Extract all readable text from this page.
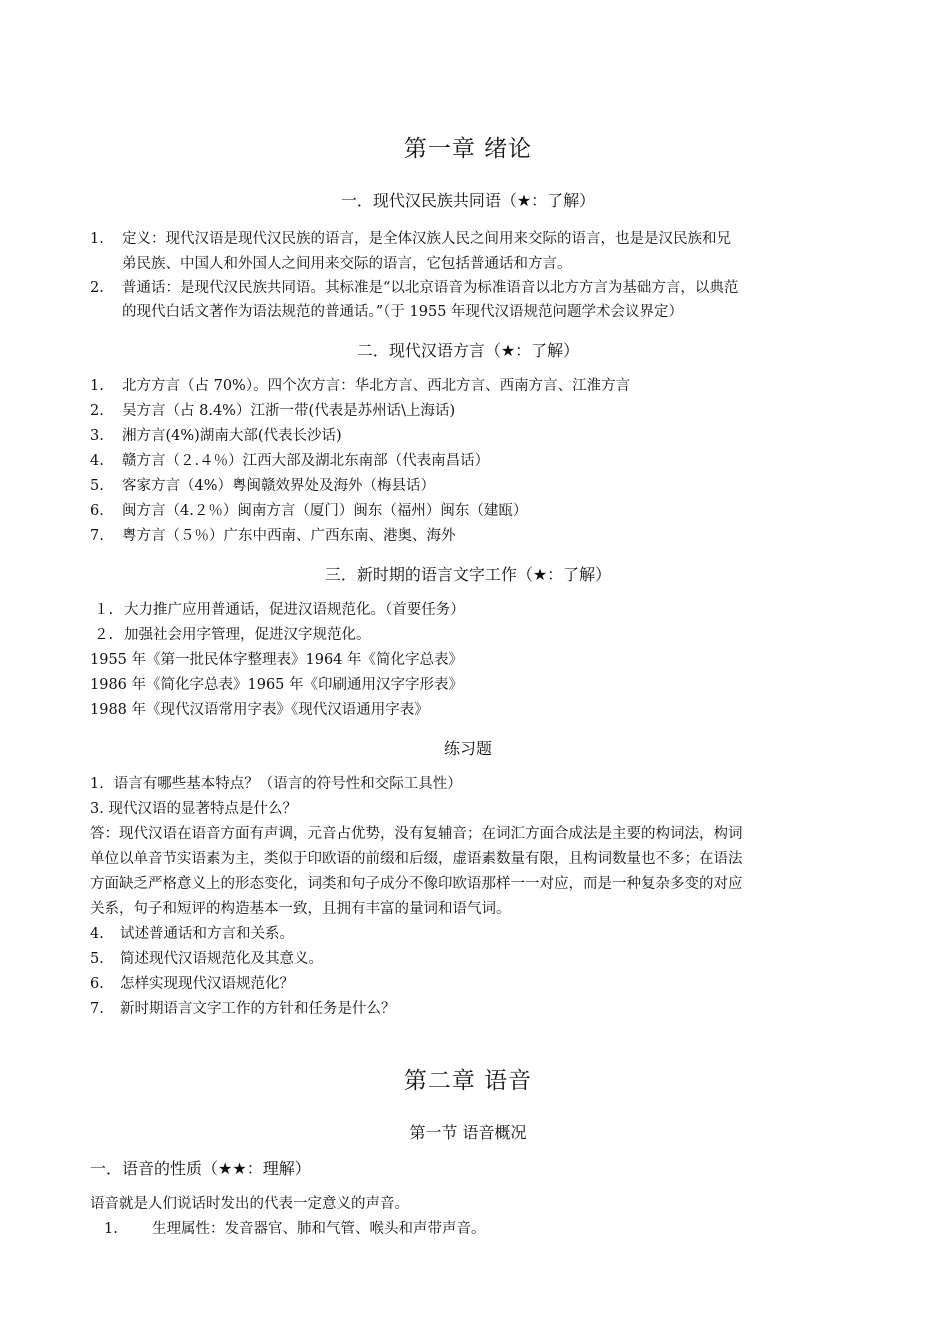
第一章 绪论
一．现代汉民族共同语（★：了解）
1. 定义：现代汉语是现代汉民族的语言，是全体汉族人民之间用来交际的语言，也是是汉民族和兄
弟民族、中国人和外国人之间用来交际的语言，它包括普通话和方言。
2. 普通话：是现代汉民族共同语。其标准是“以北京语音为标准语音以北方方言为基础方言，以典范
的现代白话文著作为语法规范的普通话。”（于 1955 年现代汉语规范问题学术会议界定）
二．现代汉语方言（★：了解）
1. 北方方言（占 70%）。四个次方言：华北方言、西北方言、西南方言、江淮方言
2. 吴方言（占 8.4%）江浙一带(代表是苏州话\上海话)
3. 湘方言(4%)湖南大部(代表长沙话)
4. 赣方言（２.４％）江西大部及湖北东南部（代表南昌话）
5. 客家方言（4%）粤闽赣效界处及海外（梅县话）
6. 闽方言（4.２％）闽南方言（厦门）闽东（福州）闽东（建瓯）
7. 粤方言（５％）广东中西南、广西东南、港奥、海外
三．新时期的语言文字工作（★：了解）
１. 大力推广应用普通话，促进汉语规范化。（首要任务）
２. 加强社会用字管理，促进汉字规范化。
1955 年《第一批民体字整理表》1964 年《简化字总表》
1986 年《简化字总表》1965 年《印刷通用汉字字形表》
1988 年《现代汉语常用字表》《现代汉语通用字表》
练习题
1．语言有哪些基本特点？（语言的符号性和交际工具性）
3. 现代汉语的显著特点是什么？
答：现代汉语在语音方面有声调，元音占优势，没有复辅音；在词汇方面合成法是主要的构词法，构词
单位以单音节实语素为主，类似于印欧语的前缀和后缀，虚语素数量有限，且构词数量也不多；在语法
方面缺乏严格意义上的形态变化，词类和句子成分不像印欧语那样一一对应，而是一种复杂多变的对应
关系，句子和短评的构造基本一致，且拥有丰富的量词和语气词。
4. 试述普通话和方言和关系。
5. 简述现代汉语规范化及其意义。
6. 怎样实现现代汉语规范化？
7. 新时期语言文字工作的方针和任务是什么？
第二章 语音
第一节 语音概况
一．语音的性质（★★：理解）
语音就是人们说话时发出的代表一定意义的声音。
1. 生理属性：发音器官、肺和气管、喉头和声带声音。
